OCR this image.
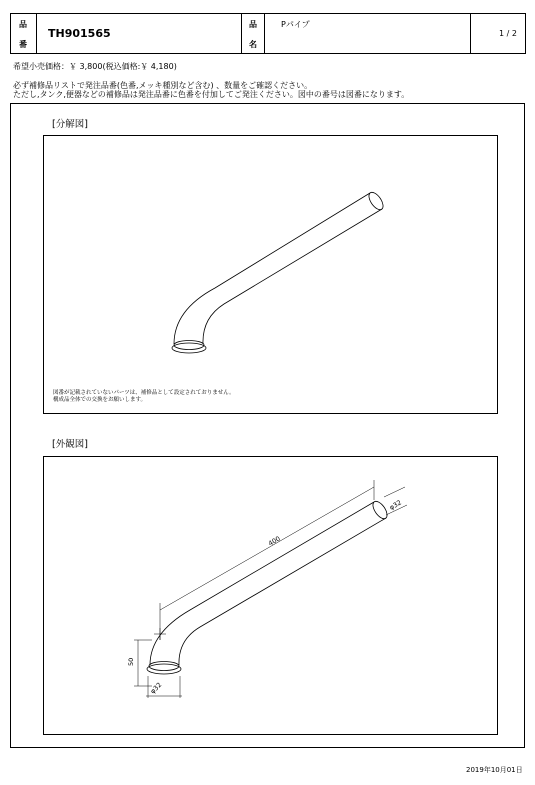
品
番
TH901565
品
名
Pパイプ
1 / 2
希望小売価格：￥ 3,800(税込価格:￥ 4,180)
必ず補修品リストで発注品番(色番,メッキ種別など含む) 、数量をご確認ください。
ただし,タンク,便器などの補修品は発注品番に色番を付加してご発注ください。図中の番号は図番になります。
[分解図]
図番が記載されていないパーツは、補修品として設定されておりません。
構成品全体での交換をお願いします。
[外観図]
400
φ32
50
φ32
2019年10月01日
